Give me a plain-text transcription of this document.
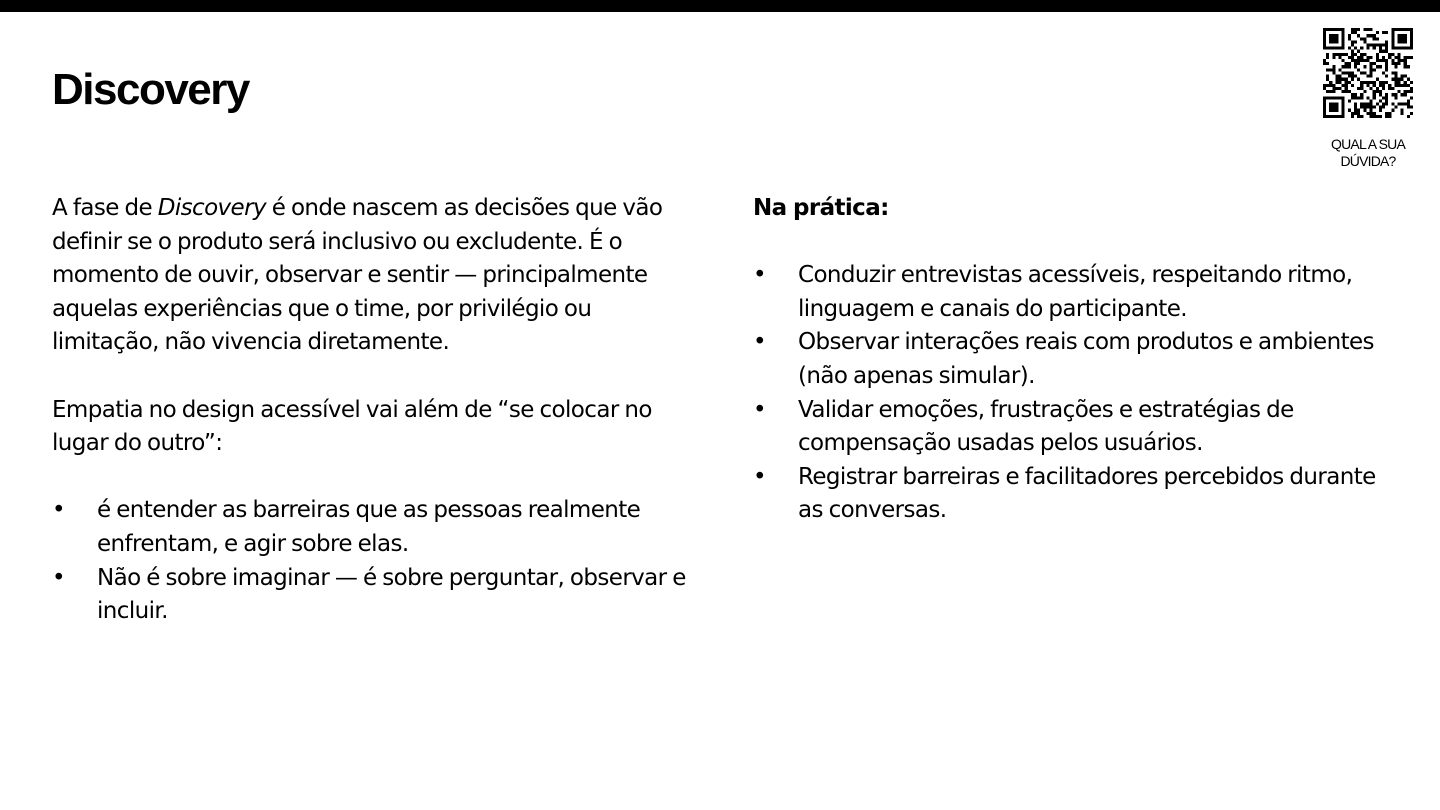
Discovery
QUAL A SUA
DÚVIDA?

A fase de Discovery é onde nascem as decisões que vão definir se o produto será inclusivo ou excludente. É o momento de ouvir, observar e sentir — principalmente aquelas experiências que o time, por privilégio ou limitação, não vivencia diretamente.

Empatia no design acessível vai além de “se colocar no lugar do outro”:

• é entender as barreiras que as pessoas realmente enfrentam, e agir sobre elas.
• Não é sobre imaginar — é sobre perguntar, observar e incluir.

Na prática:

• Conduzir entrevistas acessíveis, respeitando ritmo, linguagem e canais do participante.
• Observar interações reais com produtos e ambientes (não apenas simular).
• Validar emoções, frustrações e estratégias de compensação usadas pelos usuários.
• Registrar barreiras e facilitadores percebidos durante as conversas.
